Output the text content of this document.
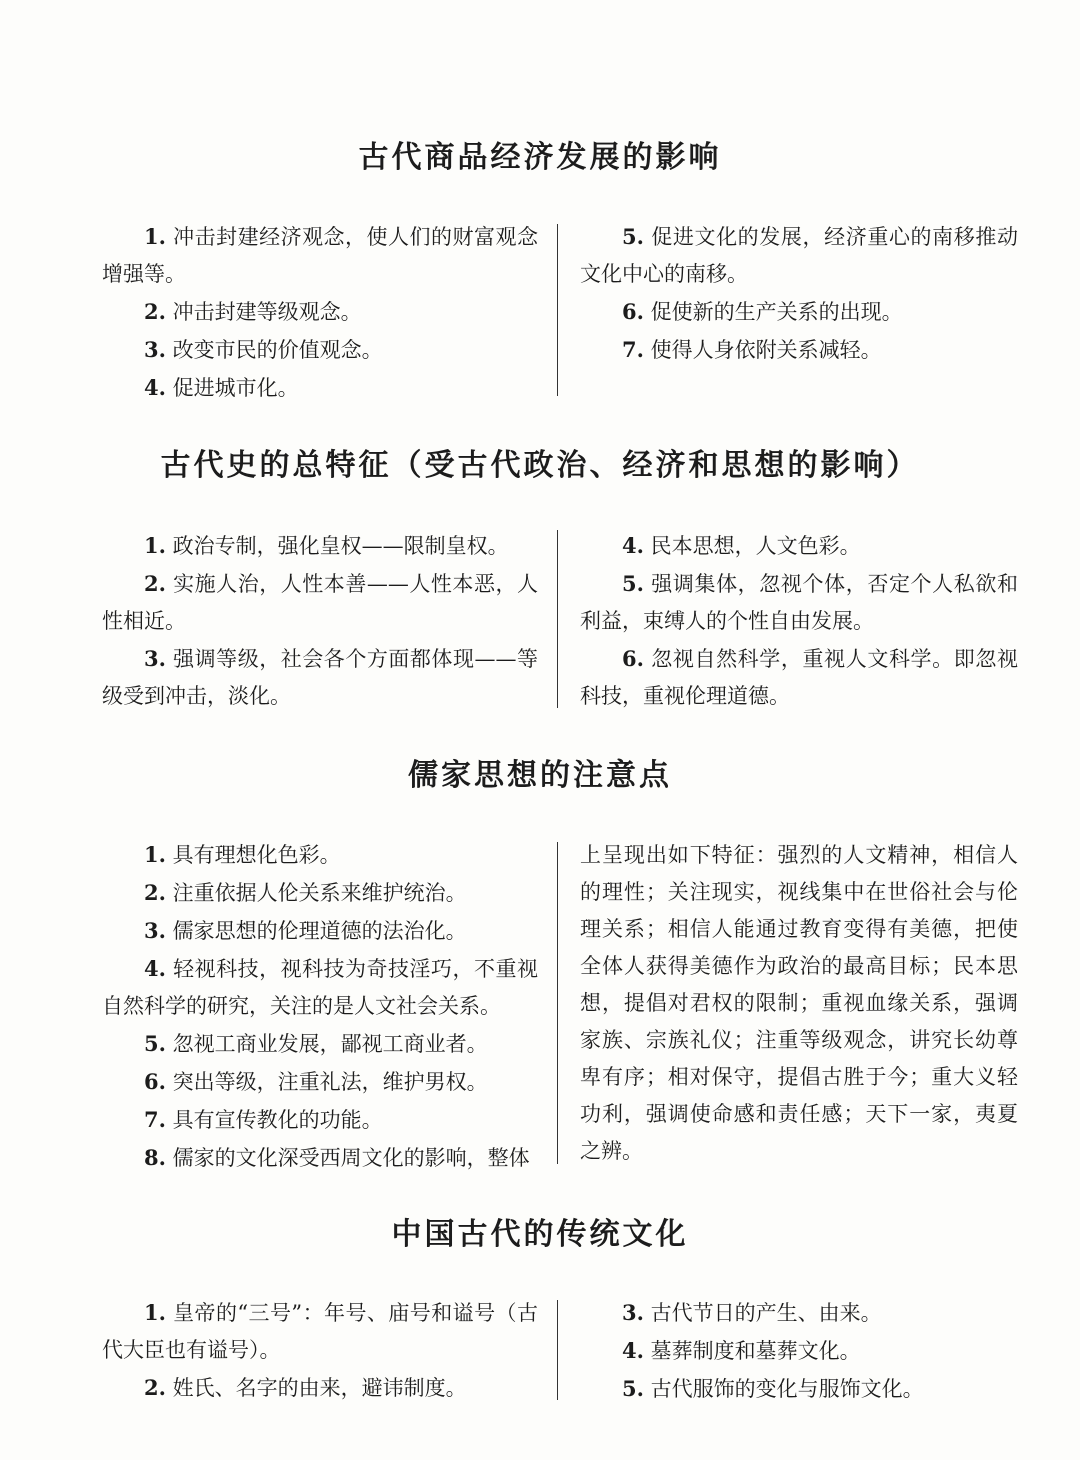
古代商品经济发展的影响

1. 冲击封建经济观念，使人们的财富观念增强等。

2. 冲击封建等级观念。

3. 改变市民的价值观念。

4. 促进城市化。

5. 促进文化的发展，经济重心的南移推动文化中心的南移。

6. 促使新的生产关系的出现。

7. 使得人身依附关系减轻。

古代史的总特征（受古代政治、经济和思想的影响）

1. 政治专制，强化皇权——限制皇权。

2. 实施人治，人性本善——人性本恶，人性相近。

3. 强调等级，社会各个方面都体现——等级受到冲击，淡化。

4. 民本思想，人文色彩。

5. 强调集体，忽视个体，否定个人私欲和利益，束缚人的个性自由发展。

6. 忽视自然科学，重视人文科学。即忽视科技，重视伦理道德。

儒家思想的注意点

1. 具有理想化色彩。

2. 注重依据人伦关系来维护统治。

3. 儒家思想的伦理道德的法治化。

4. 轻视科技，视科技为奇技淫巧，不重视自然科学的研究，关注的是人文社会关系。

5. 忽视工商业发展，鄙视工商业者。

6. 突出等级，注重礼法，维护男权。

7. 具有宣传教化的功能。

8. 儒家的文化深受西周文化的影响，整体

上呈现出如下特征：强烈的人文精神，相信人的理性；关注现实，视线集中在世俗社会与伦理关系；相信人能通过教育变得有美德，把使全体人获得美德作为政治的最高目标；民本思想，提倡对君权的限制；重视血缘关系，强调家族、宗族礼仪；注重等级观念，讲究长幼尊卑有序；相对保守，提倡古胜于今；重大义轻功利，强调使命感和责任感；天下一家，夷夏之辨。

中国古代的传统文化

1. 皇帝的“三号”：年号、庙号和谥号（古代大臣也有谥号）。

2. 姓氏、名字的由来，避讳制度。

3. 古代节日的产生、由来。

4. 墓葬制度和墓葬文化。

5. 古代服饰的变化与服饰文化。
